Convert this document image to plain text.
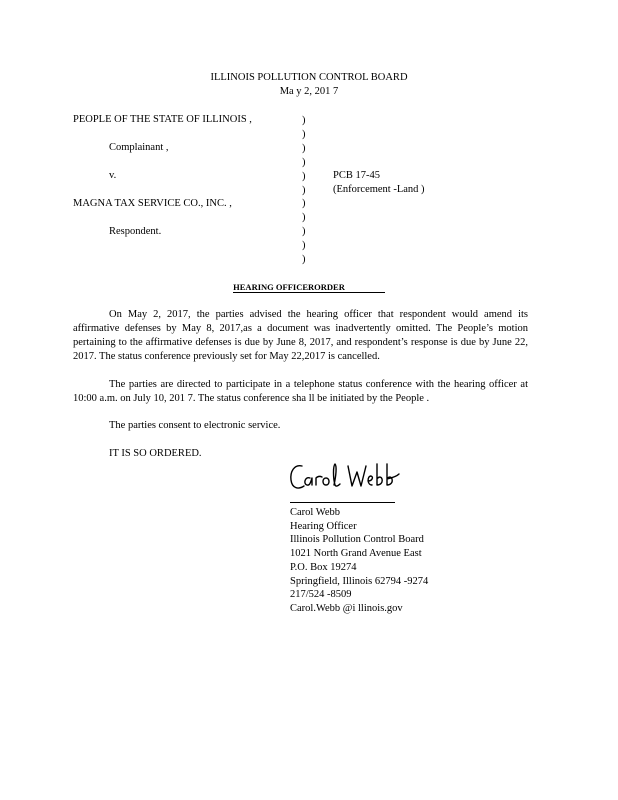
ILLINOIS POLLUTION CONTROL BOARD
Ma y 2, 201 7
PEOPLE OF THE STATE OF ILLINOIS ,
Complainant ,
v.
MAGNA TAX SERVICE CO., INC. ,
Respondent.
)
)
)
)
)
)
)
)
)
)
)
PCB 17-45
(Enforcement -Land )
HEARING OFFICERORDER
On May 2, 2017, the parties advised the hearing officer that respondent would amend its affirmative defenses by May 8, 2017,as a document was inadvertently omitted. The People’s motion pertaining to the affirmative defenses is due by June 8, 2017, and respondent’s response is due by June 22, 2017. The status conference previously set for May 22,2017 is cancelled.
The parties are directed to participate in a telephone status conference with the hearing officer at 10:00 a.m. on July 10, 201 7. The status conference sha ll be initiated by the People .
The parties consent to electronic service.
IT IS SO ORDERED.
Carol Webb
Hearing Officer
Illinois Pollution Control Board
1021 North Grand Avenue East
P.O. Box 19274
Springfield, Illinois 62794 -9274
217/524 -8509
Carol.Webb @i llinois.gov
